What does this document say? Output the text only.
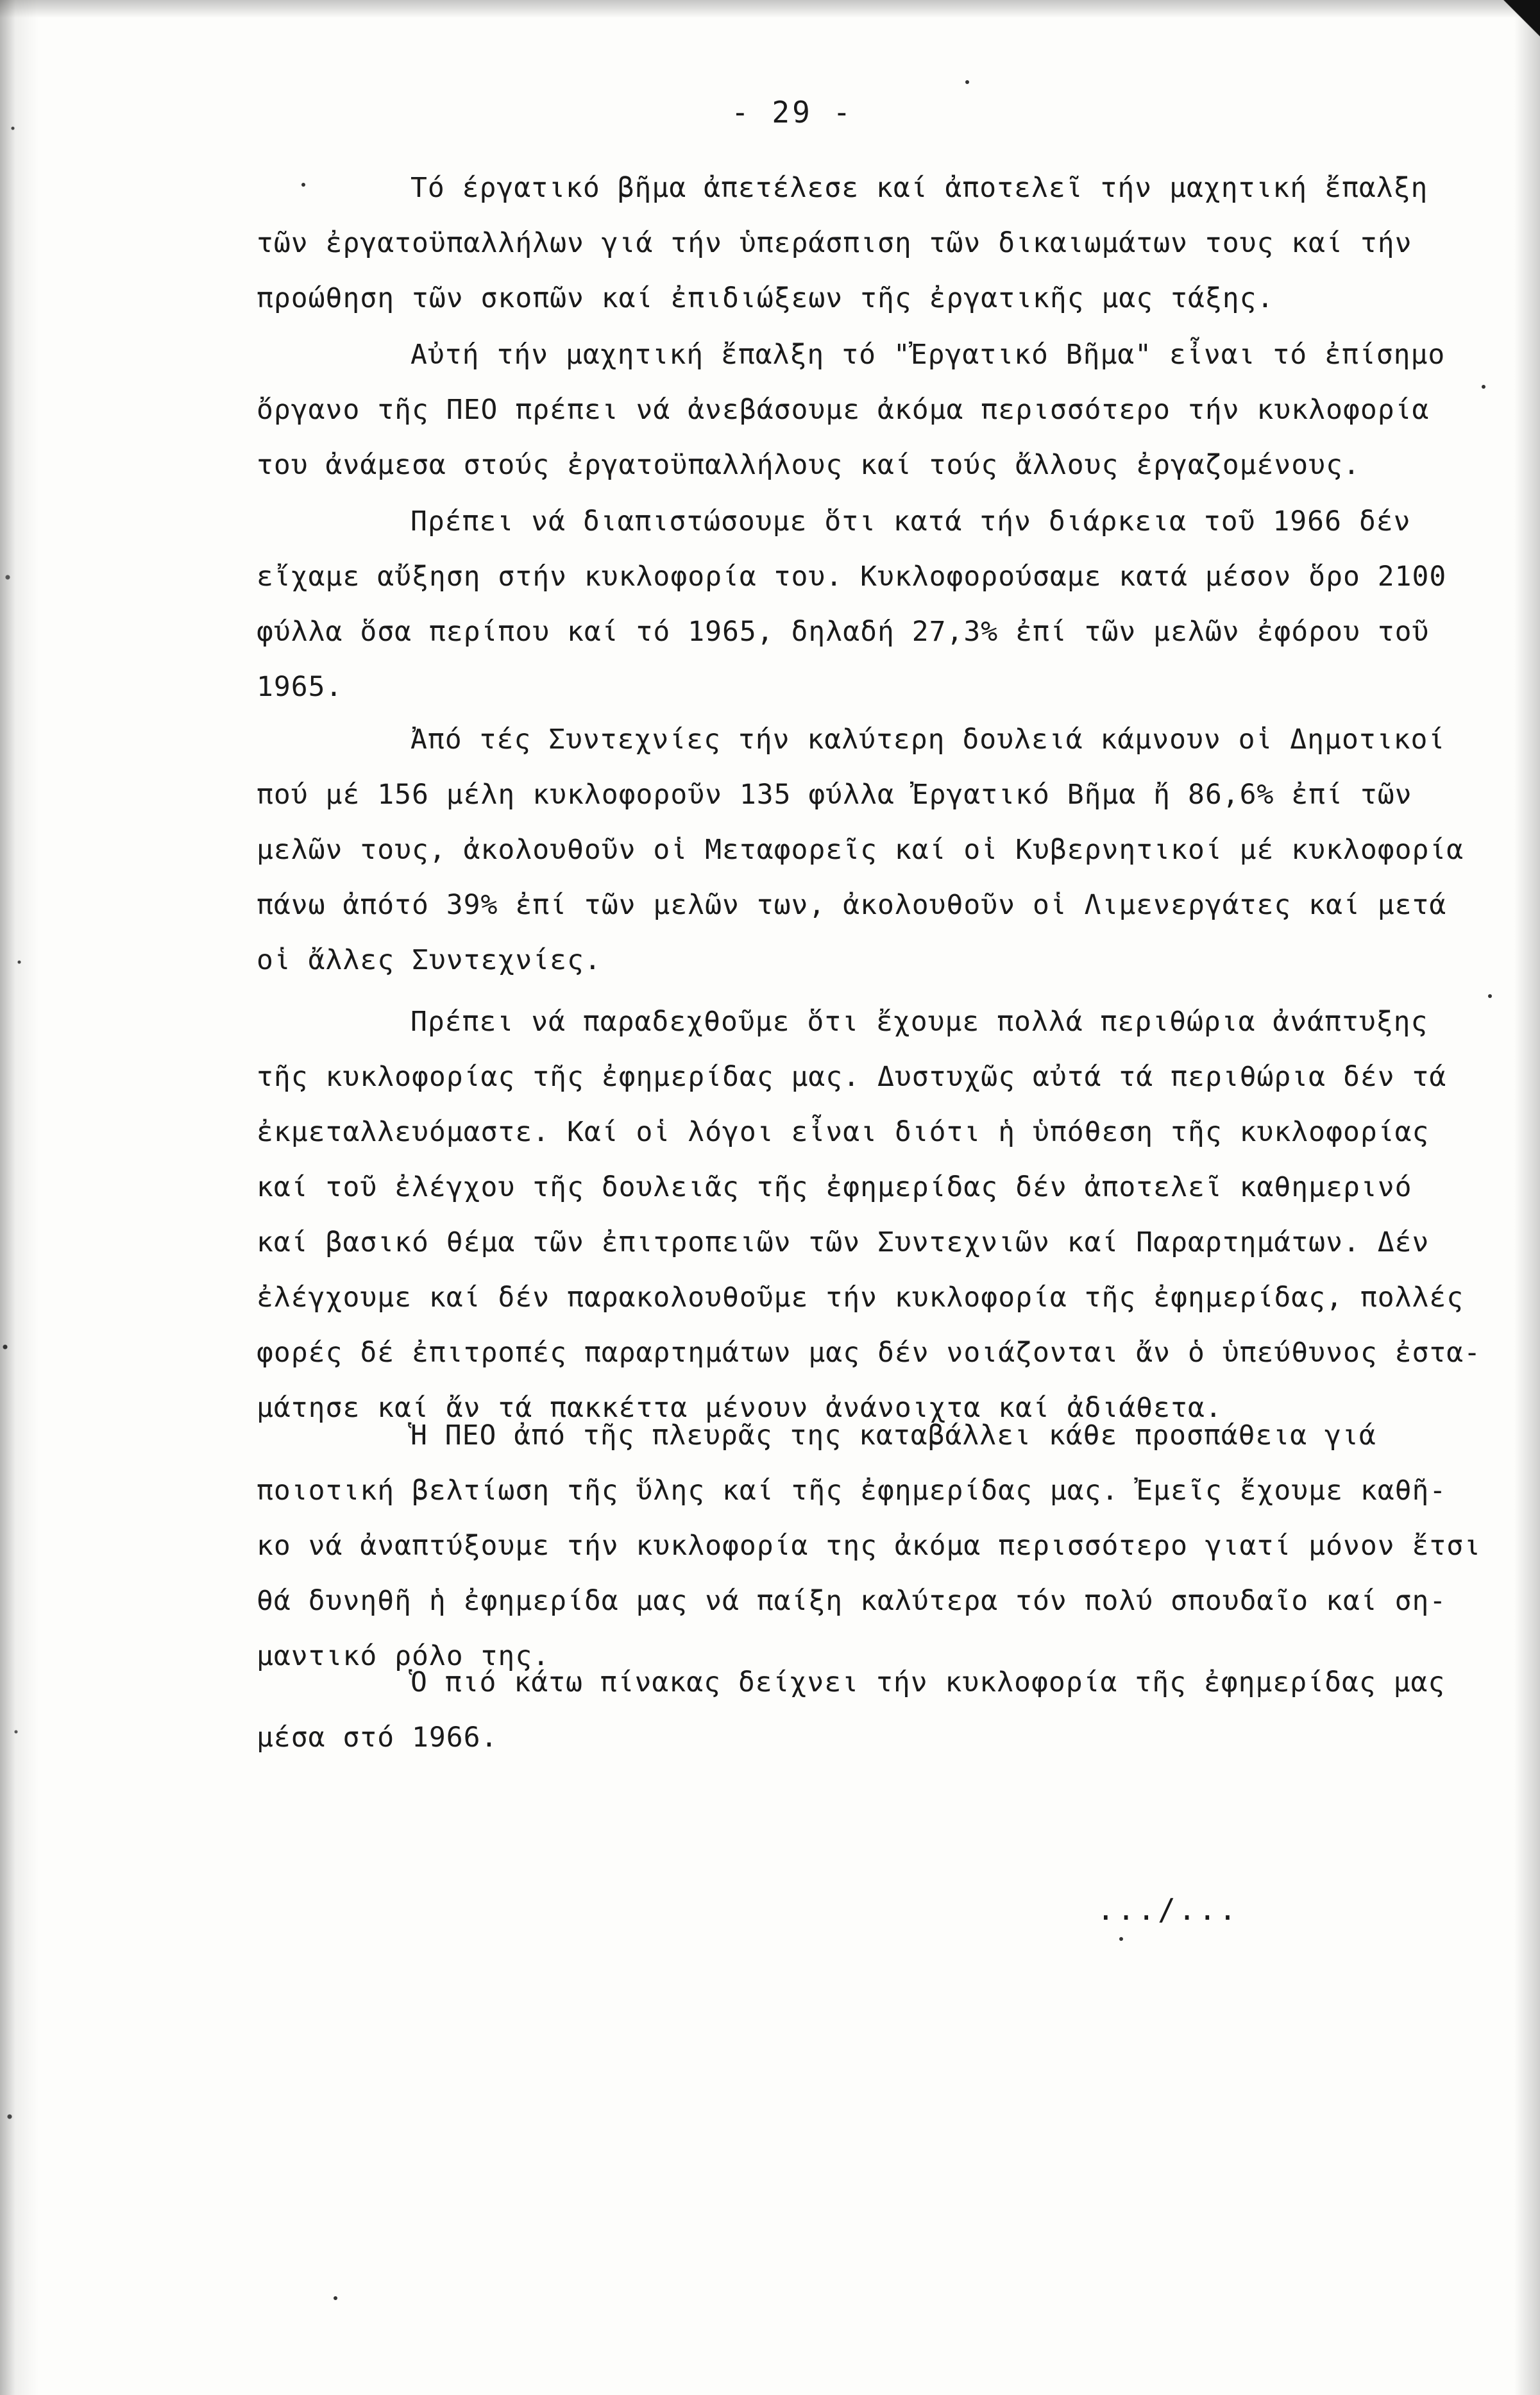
- 29 -
Τό έργατικό βῆμα ἀπετέλεσε καί ἀποτελεῖ τήν μαχητική ἔπαλξη
τῶν ἐργατοϋπαλλήλων γιά τήν ὑπεράσπιση τῶν δικαιωμάτων τους καί τήν
προώθηση τῶν σκοπῶν καί ἐπιδιώξεων τῆς ἐργατικῆς μας τάξης.
Αὐτή τήν μαχητική ἔπαλξη τό "Ἐργατικό Βῆμα" εἶναι τό ἐπίσημο
ὄργανο τῆς ΠΕΟ πρέπει νά ἀνεβάσουμε ἀκόμα περισσότερο τήν κυκλοφορία
του ἀνάμεσα στούς ἐργατοϋπαλλήλους καί τούς ἄλλους ἐργαζομένους.
Πρέπει νά διαπιστώσουμε ὅτι κατά τήν διάρκεια τοῦ 1966 δέν
εἴχαμε αὔξηση στήν κυκλοφορία του. Κυκλοφορούσαμε κατά μέσον ὅρο 2100
φύλλα ὅσα περίπου καί τό 1965, δηλαδή 27,3% ἐπί τῶν μελῶν ἐφόρου τοῦ
1965.
Ἀπό τές Συντεχνίες τήν καλύτερη δουλειά κάμνουν οἱ Δημοτικοί
πού μέ 156 μέλη κυκλοφοροῦν 135 φύλλα Ἐργατικό Βῆμα ἤ 86,6% ἐπί τῶν
μελῶν τους, ἀκολουθοῦν οἱ Μεταφορεῖς καί οἱ Κυβερνητικοί μέ κυκλοφορία
πάνω ἀπότό 39% ἐπί τῶν μελῶν των, ἀκολουθοῦν οἱ Λιμενεργάτες καί μετά
οἱ ἄλλες Συντεχνίες.
Πρέπει νά παραδεχθοῦμε ὅτι ἔχουμε πολλά περιθώρια ἀνάπτυξης
τῆς κυκλοφορίας τῆς ἐφημερίδας μας. Δυστυχῶς αὐτά τά περιθώρια δέν τά
ἐκμεταλλευόμαστε. Καί οἱ λόγοι εἶναι διότι ἡ ὑπόθεση τῆς κυκλοφορίας
καί τοῦ ἐλέγχου τῆς δουλειᾶς τῆς ἐφημερίδας δέν ἀποτελεῖ καθημερινό
καί βασικό θέμα τῶν ἐπιτροπειῶν τῶν Συντεχνιῶν καί Παραρτημάτων. Δέν
ἐλέγχουμε καί δέν παρακολουθοῦμε τήν κυκλοφορία τῆς ἐφημερίδας, πολλές
φορές δέ ἐπιτροπές παραρτημάτων μας δέν νοιάζονται ἄν ὁ ὑπεύθυνος ἐστα-
μάτησε καί ἄν τά πακκέττα μένουν ἀνάνοιχτα καί ἀδιάθετα.
Ἡ ΠΕΟ ἀπό τῆς πλευρᾶς της καταβάλλει κάθε προσπάθεια γιά
ποιοτική βελτίωση τῆς ὕλης καί τῆς ἐφημερίδας μας. Ἐμεῖς ἔχουμε καθῆ-
κο νά ἀναπτύξουμε τήν κυκλοφορία της ἀκόμα περισσότερο γιατί μόνον ἔτσι
θά δυνηθῆ ἡ ἐφημερίδα μας νά παίξη καλύτερα τόν πολύ σπουδαῖο καί ση-
μαντικό ρόλο της.
Ὁ πιό κάτω πίνακας δείχνει τήν κυκλοφορία τῆς ἐφημερίδας μας
μέσα στό 1966.
.../...
